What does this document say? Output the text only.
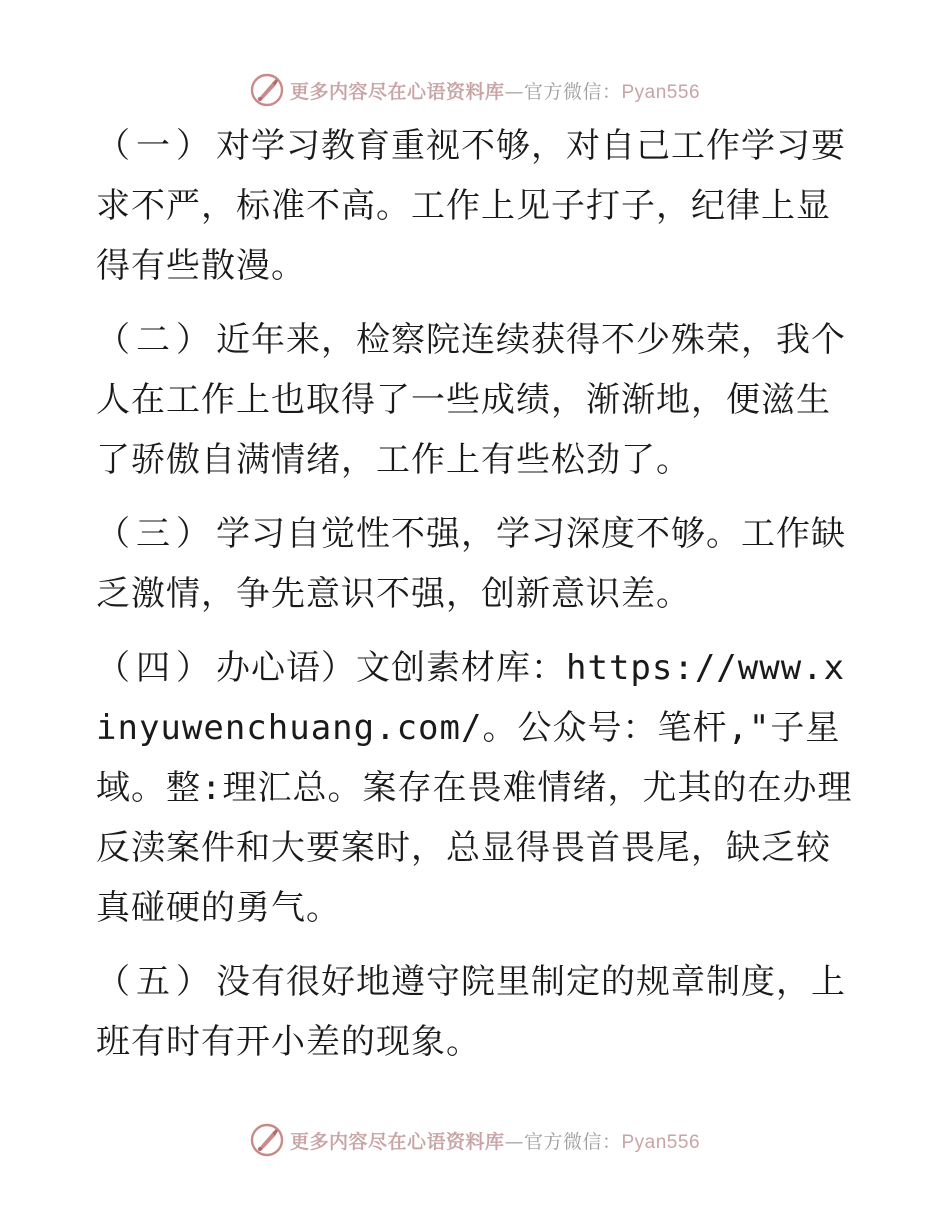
更多内容尽在心语资料库—官方微信：Pyan556

（一）对学习教育重视不够，对自己工作学习要求不严，标准不高。工作上见子打子，纪律上显得有些散漫。

（二）近年来，检察院连续获得不少殊荣，我个人在工作上也取得了一些成绩，渐渐地，便滋生了骄傲自满情绪，工作上有些松劲了。

（三）学习自觉性不强，学习深度不够。工作缺乏激情，争先意识不强，创新意识差。

（四）办心语）文创素材库：https://www.xinyuwenchuang.com/。公众号：笔杆,"子星域。整:理汇总。案存在畏难情绪，尤其的在办理反渎案件和大要案时，总显得畏首畏尾，缺乏较真碰硬的勇气。

（五）没有很好地遵守院里制定的规章制度，上班有时有开小差的现象。

更多内容尽在心语资料库—官方微信：Pyan556
